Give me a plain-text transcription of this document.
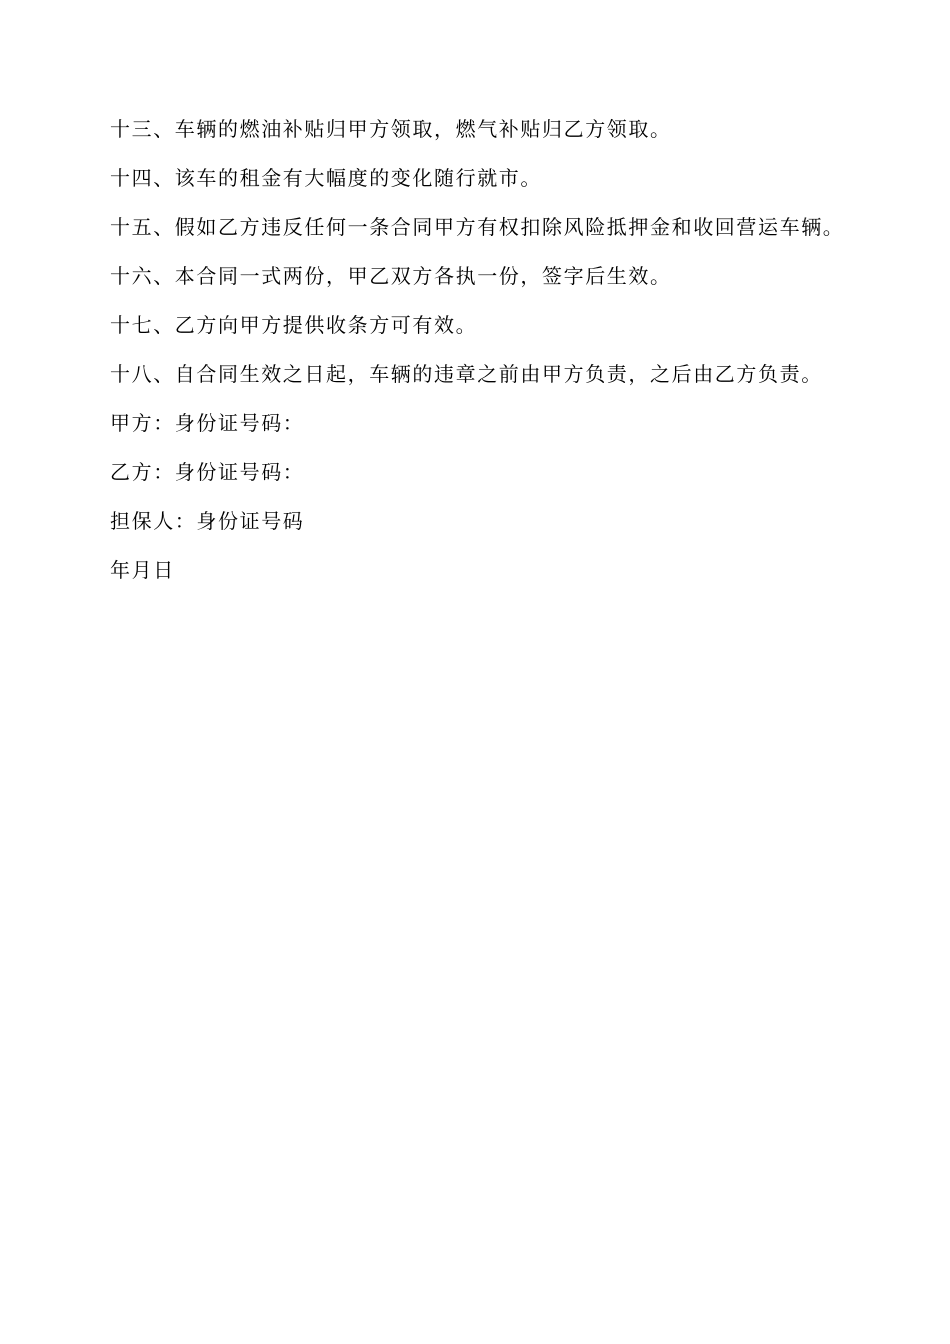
十三、车辆的燃油补贴归甲方领取，燃气补贴归乙方领取。

十四、该车的租金有大幅度的变化随行就市。

十五、假如乙方违反任何一条合同甲方有权扣除风险抵押金和收回营运车辆。

十六、本合同一式两份，甲乙双方各执一份，签字后生效。

十七、乙方向甲方提供收条方可有效。

十八、自合同生效之日起，车辆的违章之前由甲方负责，之后由乙方负责。

甲方：身份证号码：

乙方：身份证号码：

担保人：身份证号码

年月日
